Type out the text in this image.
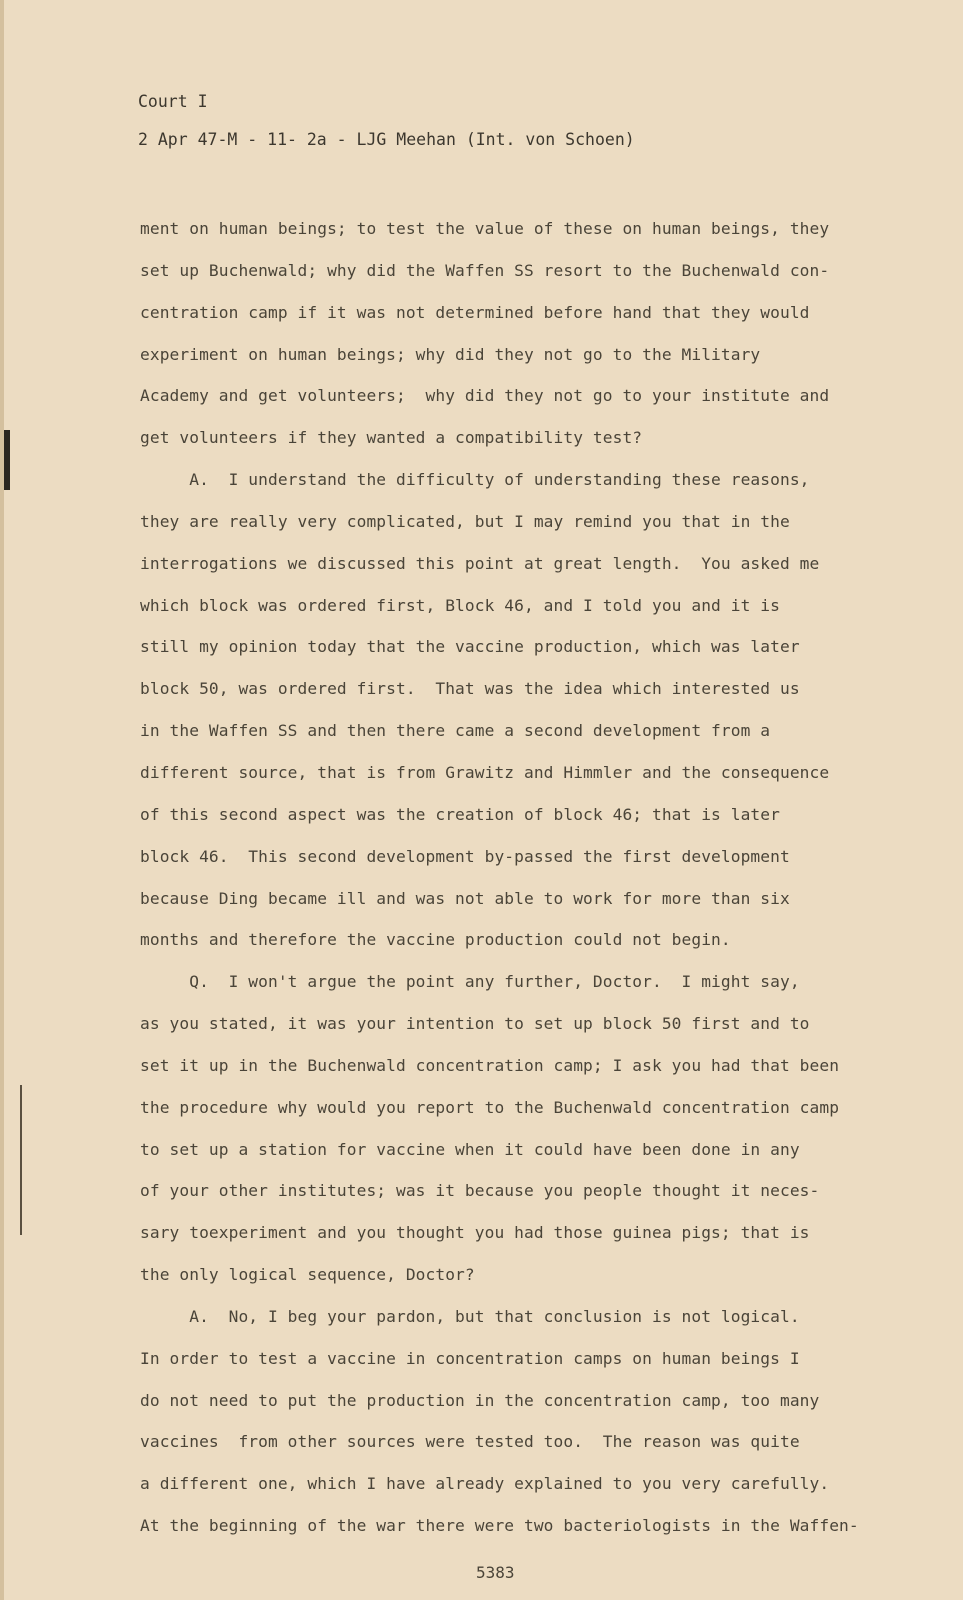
Court I
2 Apr 47-M - 11- 2a - LJG Meehan (Int. von Schoen)
ment on human beings; to test the value of these on human beings, they
set up Buchenwald; why did the Waffen SS resort to the Buchenwald con-
centration camp if it was not determined before hand that they would
experiment on human beings; why did they not go to the Military
Academy and get volunteers;  why did they not go to your institute and
get volunteers if they wanted a compatibility test?
A.  I understand the difficulty of understanding these reasons,
they are really very complicated, but I may remind you that in the
interrogations we discussed this point at great length.  You asked me
which block was ordered first, Block 46, and I told you and it is
still my opinion today that the vaccine production, which was later
block 50, was ordered first.  That was the idea which interested us
in the Waffen SS and then there came a second development from a
different source, that is from Grawitz and Himmler and the consequence
of this second aspect was the creation of block 46; that is later
block 46.  This second development by-passed the first development
because Ding became ill and was not able to work for more than six
months and therefore the vaccine production could not begin.
Q.  I won't argue the point any further, Doctor.  I might say,
as you stated, it was your intention to set up block 50 first and to
set it up in the Buchenwald concentration camp; I ask you had that been
the procedure why would you report to the Buchenwald concentration camp
to set up a station for vaccine when it could have been done in any
of your other institutes; was it because you people thought it neces-
sary toexperiment and you thought you had those guinea pigs; that is
the only logical sequence, Doctor?
A.  No, I beg your pardon, but that conclusion is not logical.
In order to test a vaccine in concentration camps on human beings I
do not need to put the production in the concentration camp, too many
vaccines  from other sources were tested too.  The reason was quite
a different one, which I have already explained to you very carefully.
At the beginning of the war there were two bacteriologists in the Waffen-
5383
